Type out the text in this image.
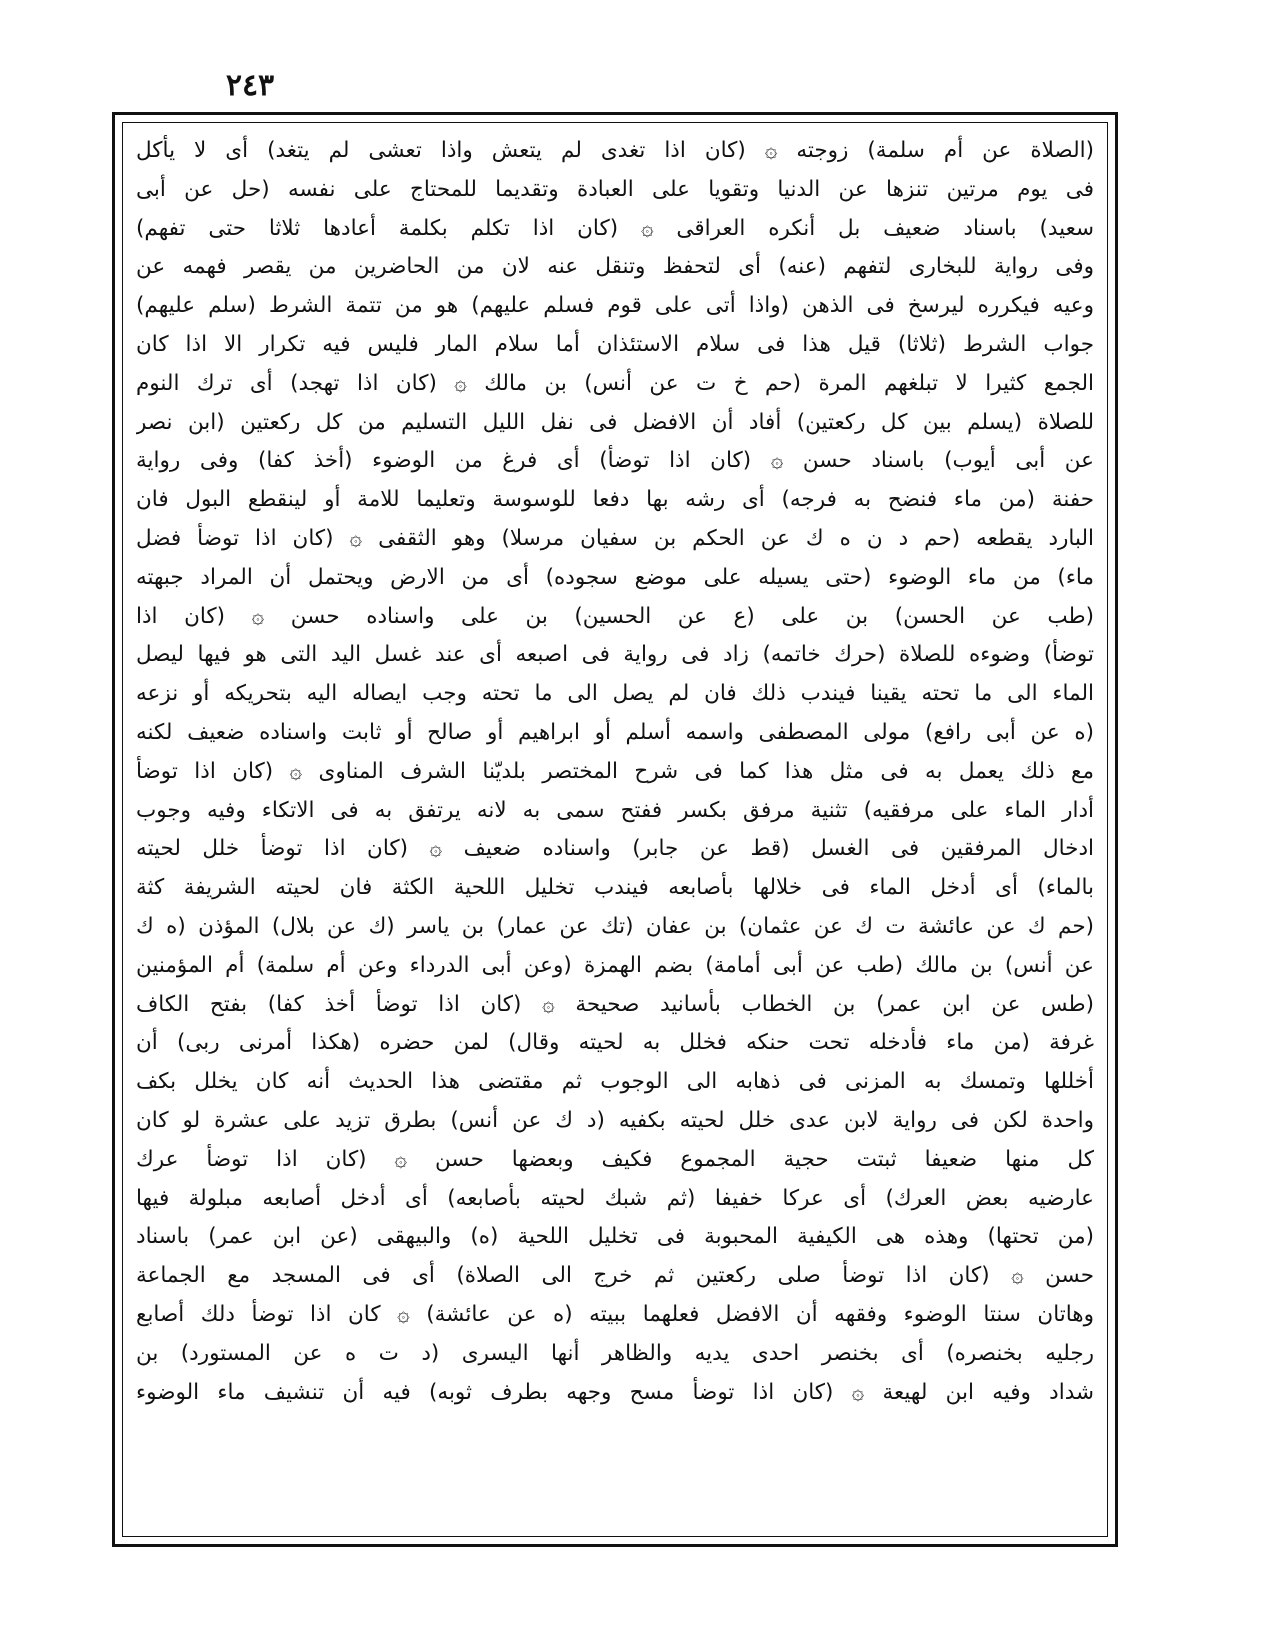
٢٤٣
(الصلاة عن أم سلمة) زوجته ۞ (كان اذا تغدى لم يتعش واذا تعشى لم يتغد) أى لا يأكل
فى يوم مرتين تنزها عن الدنيا وتقويا على العبادة وتقديما للمحتاج على نفسه (حل عن أبى
سعيد) باسناد ضعيف بل أنكره العراقى ۞ (كان اذا تكلم بكلمة أعادها ثلاثا حتى تفهم)
وفى رواية للبخارى لتفهم (عنه) أى لتحفظ وتنقل عنه لان من الحاضرين من يقصر فهمه عن
وعيه فيكرره ليرسخ فى الذهن (واذا أتى على قوم فسلم عليهم) هو من تتمة الشرط (سلم عليهم)
جواب الشرط (ثلاثا) قيل هذا فى سلام الاستئذان أما سلام المار فليس فيه تكرار الا اذا كان
الجمع كثيرا لا تبلغهم المرة (حم خ ت عن أنس) بن مالك ۞ (كان اذا تهجد) أى ترك النوم
للصلاة (يسلم بين كل ركعتين) أفاد أن الافضل فى نفل الليل التسليم من كل ركعتين (ابن نصر
عن أبى أيوب) باسناد حسن ۞ (كان اذا توضأ) أى فرغ من الوضوء (أخذ كفا) وفى رواية
حفنة (من ماء فنضح به فرجه) أى رشه بها دفعا للوسوسة وتعليما للامة أو لينقطع البول فان
البارد يقطعه (حم د ن ه ك عن الحكم بن سفيان مرسلا) وهو الثقفى ۞ (كان اذا توضأ فضل
ماء) من ماء الوضوء (حتى يسيله على موضع سجوده) أى من الارض ويحتمل أن المراد جبهته
(طب عن الحسن) بن على (ع عن الحسين) بن على واسناده حسن ۞ (كان اذا
توضأ) وضوءه للصلاة (حرك خاتمه) زاد فى رواية فى اصبعه أى عند غسل اليد التى هو فيها ليصل
الماء الى ما تحته يقينا فيندب ذلك فان لم يصل الى ما تحته وجب ايصاله اليه بتحريكه أو نزعه
(ه عن أبى رافع) مولى المصطفى واسمه أسلم أو ابراهيم أو صالح أو ثابت واسناده ضعيف لكنه
مع ذلك يعمل به فى مثل هذا كما فى شرح المختصر بلديّنا الشرف المناوى ۞ (كان اذا توضأ
أدار الماء على مرفقيه) تثنية مرفق بكسر ففتح سمى به لانه يرتفق به فى الاتكاء وفيه وجوب
ادخال المرفقين فى الغسل (قط عن جابر) واسناده ضعيف ۞ (كان اذا توضأ خلل لحيته
بالماء) أى أدخل الماء فى خلالها بأصابعه فيندب تخليل اللحية الكثة فان لحيته الشريفة كثة
(حم ك عن عائشة ت ك عن عثمان) بن عفان (تك عن عمار) بن ياسر (ك عن بلال) المؤذن (ه ك
عن أنس) بن مالك (طب عن أبى أمامة) بضم الهمزة (وعن أبى الدرداء وعن أم سلمة) أم المؤمنين
(طس عن ابن عمر) بن الخطاب بأسانيد صحيحة ۞ (كان اذا توضأ أخذ كفا) بفتح الكاف
غرفة (من ماء فأدخله تحت حنكه فخلل به لحيته وقال) لمن حضره (هكذا أمرنى ربى) أن
أخللها وتمسك به المزنى فى ذهابه الى الوجوب ثم مقتضى هذا الحديث أنه كان يخلل بكف
واحدة لكن فى رواية لابن عدى خلل لحيته بكفيه (د ك عن أنس) بطرق تزيد على عشرة لو كان
كل منها ضعيفا ثبتت حجية المجموع فكيف وبعضها حسن ۞ (كان اذا توضأ عرك
عارضيه بعض العرك) أى عركا خفيفا (ثم شبك لحيته بأصابعه) أى أدخل أصابعه مبلولة فيها
(من تحتها) وهذه هى الكيفية المحبوبة فى تخليل اللحية (ه) والبيهقى (عن ابن عمر) باسناد
حسن ۞ (كان اذا توضأ صلى ركعتين ثم خرج الى الصلاة) أى فى المسجد مع الجماعة
وهاتان سنتا الوضوء وفقهه أن الافضل فعلهما ببيته (ه عن عائشة) ۞ كان اذا توضأ دلك أصابع
رجليه بخنصره) أى بخنصر احدى يديه والظاهر أنها اليسرى (د ت ه عن المستورد) بن
شداد وفيه ابن لهيعة ۞ (كان اذا توضأ مسح وجهه بطرف ثوبه) فيه أن تنشيف ماء الوضوء
